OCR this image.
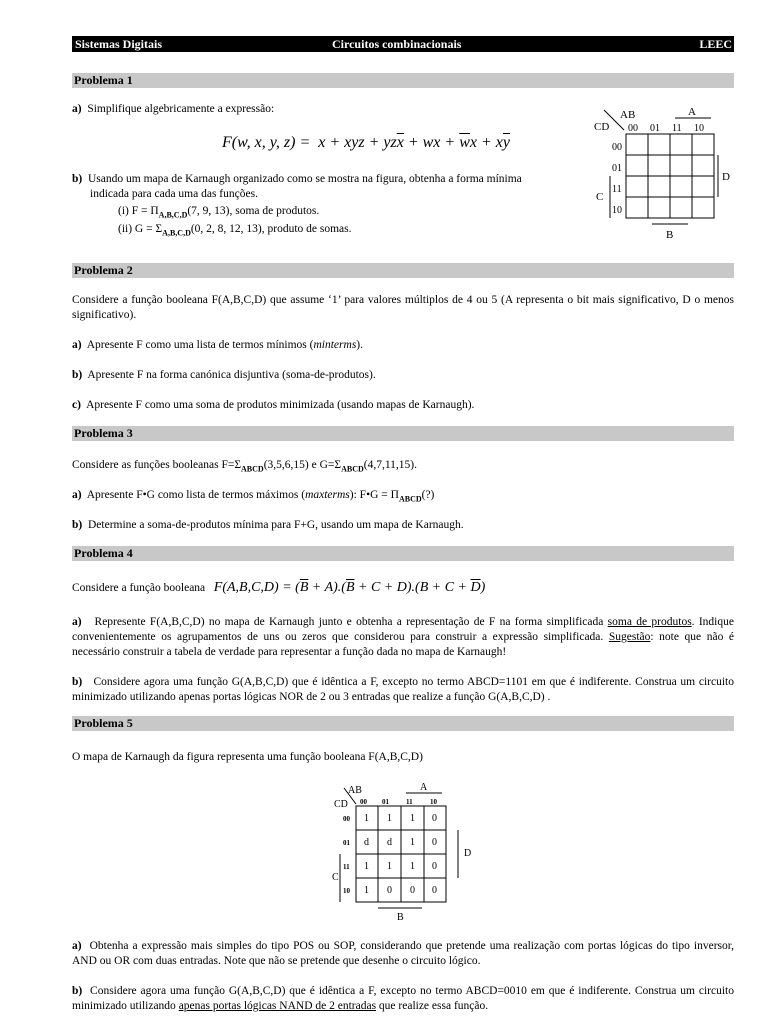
Sistemas Digitais	Circuitos combinacionais	LEEC
Problema 1
a) Simplifique algebricamente a expressão:
F(w, x, y, z) =  x + xyz + $yz\overline{x}$ + wx + $\overline{w}x + x\overline{y}$
b) Usando um mapa de Karnaugh organizado como se mostra na figura, obtenha a forma mínima
indicada para cada uma das funções.
(i) $F = \Pi_{A,B,C,D}(7$, 9, 13), soma de produtos.
(ii) $G = \Sigma_{A,B,C,D}(0$, 2, 8, 12, 13), produto de somas.
AB
CD
A
00 01 11 10
00
01
11
10
C
D
B
Problema 2
Considere a função booleana F(A,B,C,D) que assume ‘1’ para valores múltiplos de 4 ou 5 (A representa o bit mais significativo, D o menos significativo).
a) Apresente F como uma lista de termos mínimos (minterms).
b) Apresente F na forma canónica disjuntiva (soma-de-produtos).
c) Apresente F como uma soma de produtos minimizada (usando mapas de Karnaugh).
Problema 3
Considere as funções booleanas $F=\Sigma_{ABCD}(3,5,6,15)$ e $G=\Sigma_{ABCD}(4,7,11,15)$.
a) Apresente F•G como lista de termos máximos (maxterms): F•G = $\Pi_{ABCD}(?)$
b) Determine a soma-de-produtos mínima para F+G, usando um mapa de Karnaugh.
Problema 4
Considere a função booleana $F(A,B,C,D) = (\overline{B} + A).(\overline{B} + C + D).(B + C + \overline{D})$
a) Represente F(A,B,C,D) no mapa de Karnaugh junto e obtenha a representação de F na forma simplificada soma de produtos. Indique convenientemente os agrupamentos de uns ou zeros que considerou para construir a expressão simplificada. Sugestão: note que não é necessário construir a tabela de verdade para representar a função dada no mapa de Karnaugh!
b) Considere agora uma função G(A,B,C,D) que é idêntica a F, excepto no termo ABCD=1101 em que é indiferente. Construa um circuito minimizado utilizando apenas portas lógicas NOR de 2 ou 3 entradas que realize a função G(A,B,C,D) .
Problema 5
O mapa de Karnaugh da figura representa uma função booleana F(A,B,C,D)
AB
CD
A
00 01 11 10
00
01
11
10
C
D
B
1 1 1 0
d d 1 0
1 1 1 0
1 0 0 0
a) Obtenha a expressão mais simples do tipo POS ou SOP, considerando que pretende uma realização com portas lógicas do tipo inversor, AND ou OR com duas entradas. Note que não se pretende que desenhe o circuito lógico.
b) Considere agora uma função G(A,B,C,D) que é idêntica a F, excepto no termo ABCD=0010 em que é indiferente. Construa um circuito minimizado utilizando apenas portas lógicas NAND de 2 entradas que realize essa função.
